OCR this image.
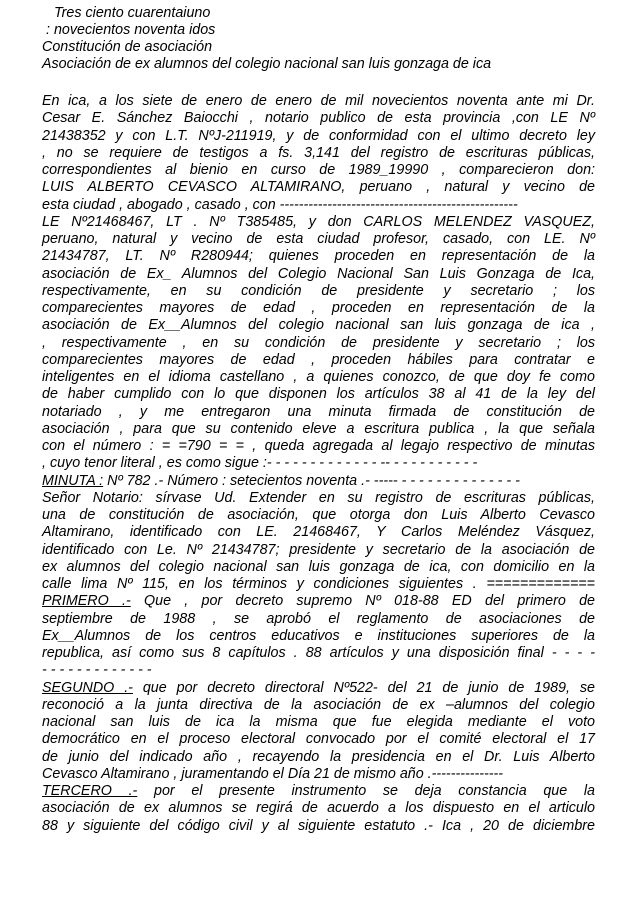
Tres ciento cuarentaiuno
: novecientos noventa idos
Constitución de asociación
Asociación de ex alumnos del colegio nacional san luis gonzaga de ica
En ica, a los siete de enero de enero de mil novecientos noventa ante mi Dr.
Cesar E. Sánchez Baiocchi , notario publico de esta provincia ,con LE Nº
21438352 y con L.T. NºJ-211919, y de conformidad con el ultimo decreto ley
, no se requiere de testigos a fs. 3,141 del registro de escrituras públicas,
correspondientes al bienio en curso de 1989_19990 , comparecieron don:
LUIS ALBERTO CEVASCO ALTAMIRANO, peruano , natural y vecino de
esta ciudad , abogado , casado , con --------------------------------------------------
LE Nº21468467, LT . Nº T385485, y don CARLOS MELENDEZ VASQUEZ,
peruano, natural y vecino de esta ciudad profesor, casado, con LE. Nº
21434787, LT. Nº R280944; quienes proceden en representación de la
asociación de Ex_ Alumnos del Colegio Nacional San Luis Gonzaga de Ica,
respectivamente, en su condición de presidente y secretario ; los
comparecientes mayores de edad , proceden en representación de la
asociación de Ex__Alumnos del colegio nacional san luis gonzaga de ica ,
, respectivamente , en su condición de presidente y secretario ; los
comparecientes mayores de edad , proceden hábiles para contratar e
inteligentes en el idioma castellano , a quienes conozco, de que doy fe como
de haber cumplido con lo que disponen los artículos 38 al 41 de la ley del
notariado , y me entregaron una minuta firmada de constitución de
asociación , para que su contenido eleve a escritura publica , la que señala
con el número : = =790 = = , queda agregada al legajo respectivo de minutas
, cuyo tenor literal , es como sigue :- - - - - - - - - - - - - -- - - - - - - - - - -
MINUTA : Nº 782 .- Número : setecientos noventa .- ----- - - - - - - - - - - - - - -
Señor Notario: sírvase Ud. Extender en su registro de escrituras públicas,
una de constitución de asociación, que otorga don Luis Alberto Cevasco
Altamirano, identificado con LE. 21468467, Y Carlos Meléndez Vásquez,
identificado con Le. Nº 21434787; presidente y secretario de la asociación de
ex alumnos del colegio nacional san luis gonzaga de ica, con domicilio en la
calle lima Nº 115, en los términos y condiciones siguientes . =============
PRIMERO .- Que , por decreto supremo Nº 018-88 ED del primero de
septiembre de 1988 , se aprobó el reglamento de asociaciones de
Ex__Alumnos de los centros educativos e instituciones superiores de la
republica, así como sus 8 capítulos . 88 artículos y una disposición final - - - -
- - - - - - - - - - - - -
SEGUNDO .- que por decreto directoral Nº522- del 21 de junio de 1989, se
reconoció a la junta directiva de la asociación de ex –alumnos del colegio
nacional san luis de ica la misma que fue elegida mediante el voto
democrático en el proceso electoral convocado por el comité electoral el 17
de junio del indicado año , recayendo la presidencia en el Dr. Luis Alberto
Cevasco Altamirano , juramentando el Día 21 de mismo año .---------------
TERCERO .- por el presente instrumento se deja constancia que la
asociación de ex alumnos se regirá de acuerdo a los dispuesto en el articulo
88 y siguiente del código civil y al siguiente estatuto .- Ica , 20 de diciembre
